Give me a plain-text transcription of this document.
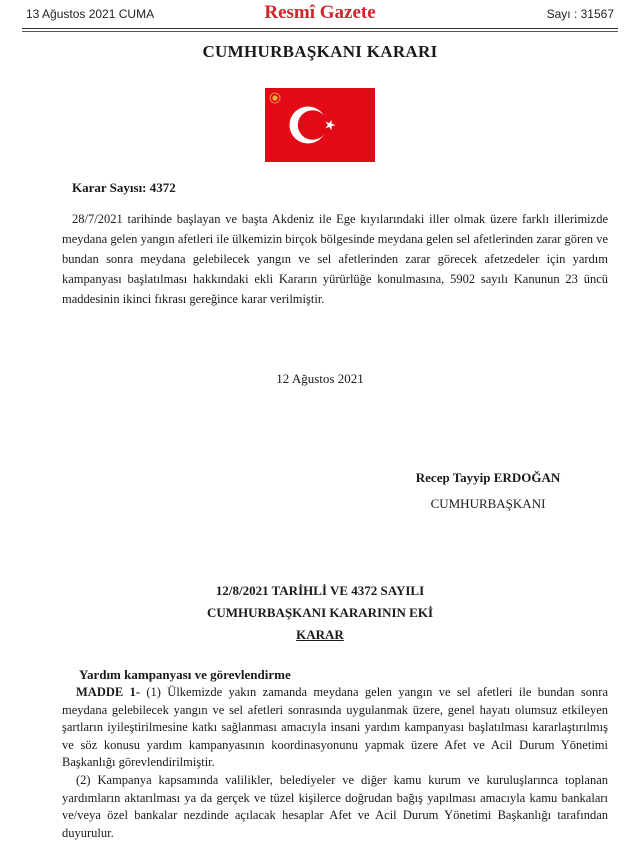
13 Ağustos 2021 CUMA	Resmî Gazete	Sayı : 31567
CUMHURBAŞKANI KARARI
Karar Sayısı: 4372
28/7/2021 tarihinde başlayan ve başta Akdeniz ile Ege kıyılarındaki iller olmak üzere farklı illerimizde meydana gelen yangın afetleri ile ülkemizin birçok bölgesinde meydana gelen sel afetlerinden zarar gören ve bundan sonra meydana gelebilecek yangın ve sel afetlerinden zarar görecek afetzedeler için yardım kampanyası başlatılması hakkındaki ekli Kararın yürürlüğe konulmasına, 5902 sayılı Kanunun 23 üncü maddesinin ikinci fıkrası gereğince karar verilmiştir.
12 Ağustos 2021
Recep Tayyip ERDOĞAN
CUMHURBAŞKANI
12/8/2021 TARİHLİ VE 4372 SAYILI
CUMHURBAŞKANI KARARININ EKİ
KARAR
Yardım kampanyası ve görevlendirme
MADDE 1- (1) Ülkemizde yakın zamanda meydana gelen yangın ve sel afetleri ile bundan sonra meydana gelebilecek yangın ve sel afetleri sonrasında uygulanmak üzere, genel hayatı olumsuz etkileyen şartların iyileştirilmesine katkı sağlanması amacıyla insani yardım kampanyası başlatılması kararlaştırılmış ve söz konusu yardım kampanyasının koordinasyonunu yapmak üzere Afet ve Acil Durum Yönetimi Başkanlığı görevlendirilmiştir.
(2) Kampanya kapsamında valilikler, belediyeler ve diğer kamu kurum ve kuruluşlarınca toplanan yardımların aktarılması ya da gerçek ve tüzel kişilerce doğrudan bağış yapılması amacıyla kamu bankaları ve/veya özel bankalar nezdinde açılacak hesaplar Afet ve Acil Durum Yönetimi Başkanlığı tarafından duyurulur.
